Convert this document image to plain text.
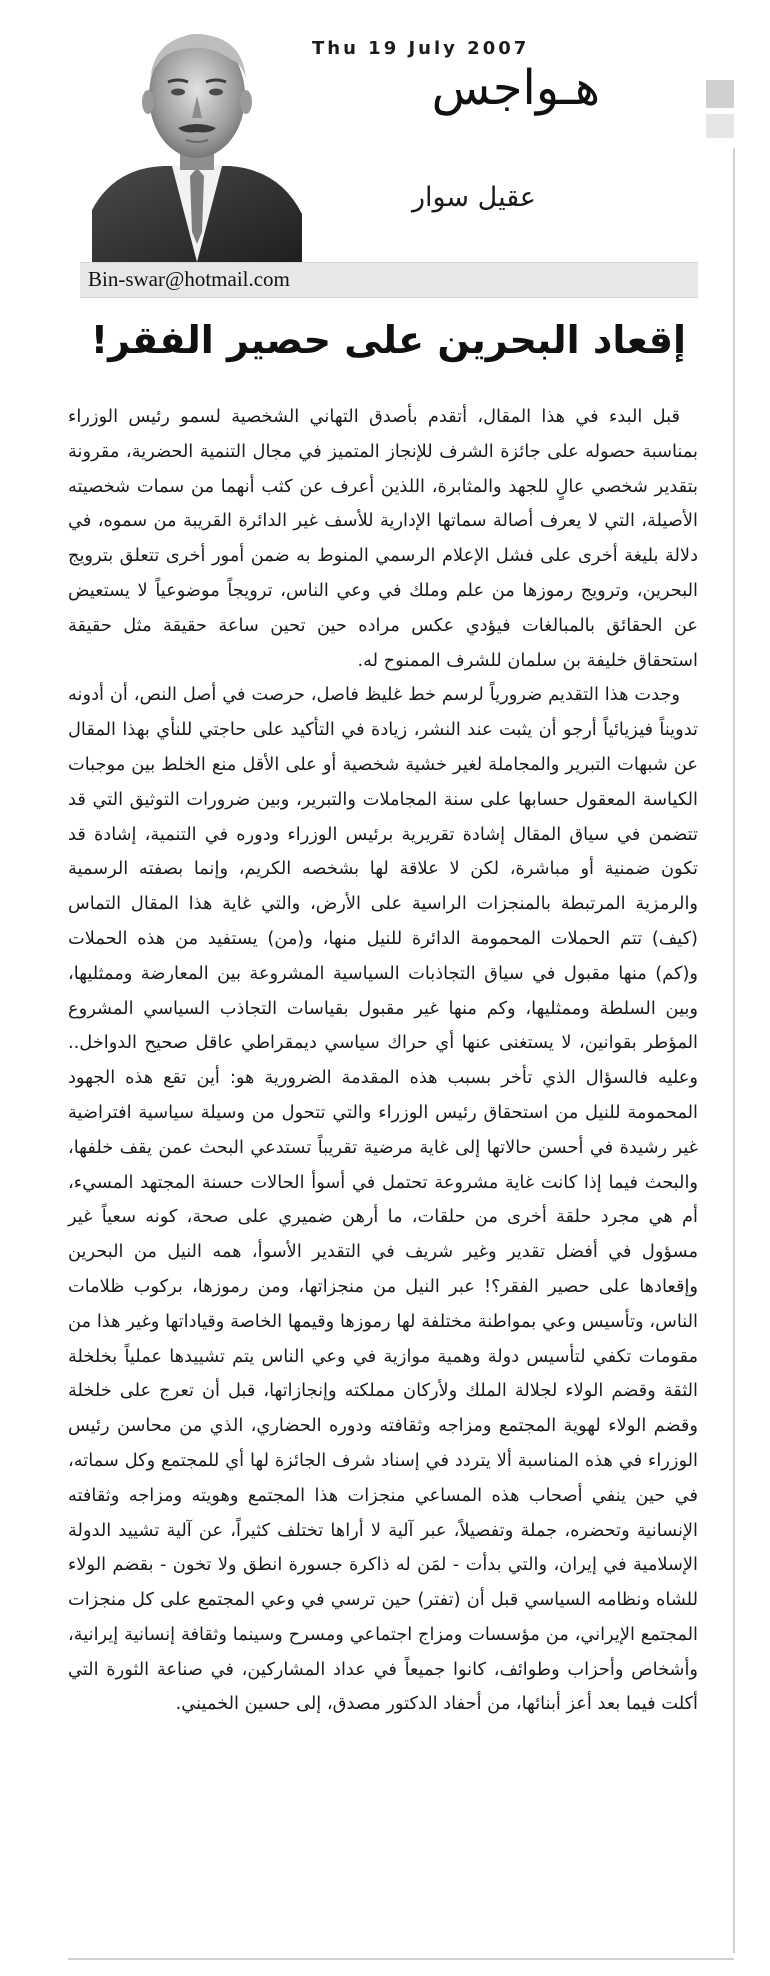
Thu 19 July 2007
هـواجس
عقيل سوار
Bin-swar@hotmail.com
إقعاد البحرين على حصير الفقر!

قبل البدء في هذا المقال، أتقدم بأصدق التهاني الشخصية لسمو رئيس الوزراء بمناسبة حصوله على جائزة الشرف للإنجاز المتميز في مجال التنمية الحضرية، مقرونة بتقدير شخصي عالٍ للجهد والمثابرة، اللذين أعرف عن كثب أنهما من سمات شخصيته الأصيلة، التي لا يعرف أصالة سماتها الإدارية للأسف غير الدائرة القريبة من سموه، في دلالة بليغة أخرى على فشل الإعلام الرسمي المنوط به ضمن أمور أخرى تتعلق بترويج البحرين، وترويج رموزها من علم وملك في وعي الناس، ترويجاً موضوعياً لا يستعيض عن الحقائق بالمبالغات فيؤدي عكس مراده حين تحين ساعة حقيقة مثل حقيقة استحقاق خليفة بن سلمان للشرف الممنوح له.

وجدت هذا التقديم ضرورياً لرسم خط غليظ فاصل، حرصت في أصل النص، أن أدونه تدويناً فيزيائياً أرجو أن يثبت عند النشر، زيادة في التأكيد على حاجتي للنأي بهذا المقال عن شبهات التبرير والمجاملة لغير خشية شخصية أو على الأقل منع الخلط بين موجبات الكياسة المعقول حسابها على سنة المجاملات والتبرير، وبين ضرورات التوثيق التي قد تتضمن في سياق المقال إشادة تقريرية برئيس الوزراء ودوره في التنمية، إشادة قد تكون ضمنية أو مباشرة، لكن لا علاقة لها بشخصه الكريم، وإنما بصفته الرسمية والرمزية المرتبطة بالمنجزات الراسية على الأرض، والتي غاية هذا المقال التماس (كيف) تتم الحملات المحمومة الدائرة للنيل منها، و(من) يستفيد من هذه الحملات و(كم) منها مقبول في سياق التجاذبات السياسية المشروعة بين المعارضة وممثليها، وبين السلطة وممثليها، وكم منها غير مقبول بقياسات التجاذب السياسي المشروع المؤطر بقوانين، لا يستغنى عنها أي حراك سياسي ديمقراطي عاقل صحيح الدواخل.. وعليه فالسؤال الذي تأخر بسبب هذه المقدمة الضرورية هو: أين تقع هذه الجهود المحمومة للنيل من استحقاق رئيس الوزراء والتي تتحول من وسيلة سياسية افتراضية غير رشيدة في أحسن حالاتها إلى غاية مرضية تقريباً تستدعي البحث عمن يقف خلفها، والبحث فيما إذا كانت غاية مشروعة تحتمل في أسوأ الحالات حسنة المجتهد المسيء، أم هي مجرد حلقة أخرى من حلقات، ما أرهن ضميري على صحة، كونه سعياً غير مسؤول في أفضل تقدير وغير شريف في التقدير الأسوأ، همه النيل من البحرين وإقعادها على حصير الفقر؟! عبر النيل من منجزاتها، ومن رموزها، بركوب ظلامات الناس، وتأسيس وعي بمواطنة مختلفة لها رموزها وقيمها الخاصة وقياداتها وغير هذا من مقومات تكفي لتأسيس دولة وهمية موازية في وعي الناس يتم تشييدها عملياً بخلخلة الثقة وقضم الولاء لجلالة الملك ولأركان مملكته وإنجازاتها، قبل أن تعرج على خلخلة وقضم الولاء لهوية المجتمع ومزاجه وثقافته ودوره الحضاري، الذي من محاسن رئيس الوزراء في هذه المناسبة ألا يتردد في إسناد شرف الجائزة لها أي للمجتمع وكل سماته، في حين ينفي أصحاب هذه المساعي منجزات هذا المجتمع وهويته ومزاجه وثقافته الإنسانية وتحضره، جملة وتفصيلاً، عبر آلية لا أراها تختلف كثيراً، عن آلية تشييد الدولة الإسلامية في إيران، والتي بدأت - لمَن له ذاكرة جسورة انطق ولا تخون - بقضم الولاء للشاه ونظامه السياسي قبل أن (تفتر) حين ترسي في وعي المجتمع على كل منجزات المجتمع الإيراني، من مؤسسات ومزاج اجتماعي ومسرح وسينما وثقافة إنسانية إيرانية، وأشخاص وأحزاب وطوائف، كانوا جميعاً في عداد المشاركين، في صناعة الثورة التي أكلت فيما بعد أعز أبنائها، من أحفاد الدكتور مصدق، إلى حسين الخميني.
